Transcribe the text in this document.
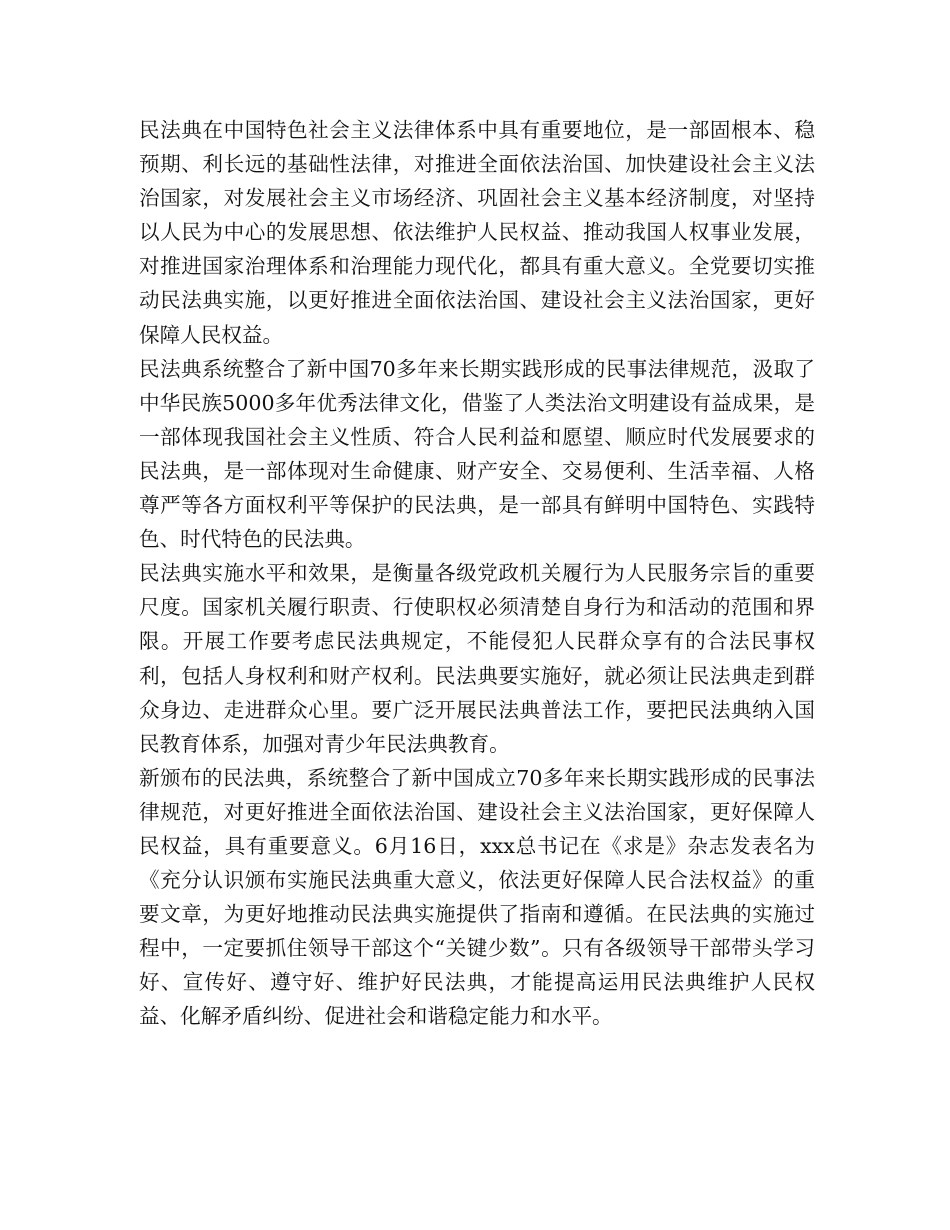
民法典在中国特色社会主义法律体系中具有重要地位，是一部固根本、稳预期、利长远的基础性法律，对推进全面依法治国、加快建设社会主义法治国家，对发展社会主义市场经济、巩固社会主义基本经济制度，对坚持以人民为中心的发展思想、依法维护人民权益、推动我国人权事业发展，对推进国家治理体系和治理能力现代化，都具有重大意义。全党要切实推动民法典实施，以更好推进全面依法治国、建设社会主义法治国家，更好保障人民权益。

民法典系统整合了新中国70多年来长期实践形成的民事法律规范，汲取了中华民族5000多年优秀法律文化，借鉴了人类法治文明建设有益成果，是一部体现我国社会主义性质、符合人民利益和愿望、顺应时代发展要求的民法典，是一部体现对生命健康、财产安全、交易便利、生活幸福、人格尊严等各方面权利平等保护的民法典，是一部具有鲜明中国特色、实践特色、时代特色的民法典。

民法典实施水平和效果，是衡量各级党政机关履行为人民服务宗旨的重要尺度。国家机关履行职责、行使职权必须清楚自身行为和活动的范围和界限。开展工作要考虑民法典规定，不能侵犯人民群众享有的合法民事权利，包括人身权利和财产权利。民法典要实施好，就必须让民法典走到群众身边、走进群众心里。要广泛开展民法典普法工作，要把民法典纳入国民教育体系，加强对青少年民法典教育。

新颁布的民法典，系统整合了新中国成立70多年来长期实践形成的民事法律规范，对更好推进全面依法治国、建设社会主义法治国家，更好保障人民权益，具有重要意义。6月16日，xxx总书记在《求是》杂志发表名为《充分认识颁布实施民法典重大意义，依法更好保障人民合法权益》的重要文章，为更好地推动民法典实施提供了指南和遵循。在民法典的实施过程中，一定要抓住领导干部这个“关键少数”。只有各级领导干部带头学习好、宣传好、遵守好、维护好民法典，才能提高运用民法典维护人民权益、化解矛盾纠纷、促进社会和谐稳定能力和水平。
